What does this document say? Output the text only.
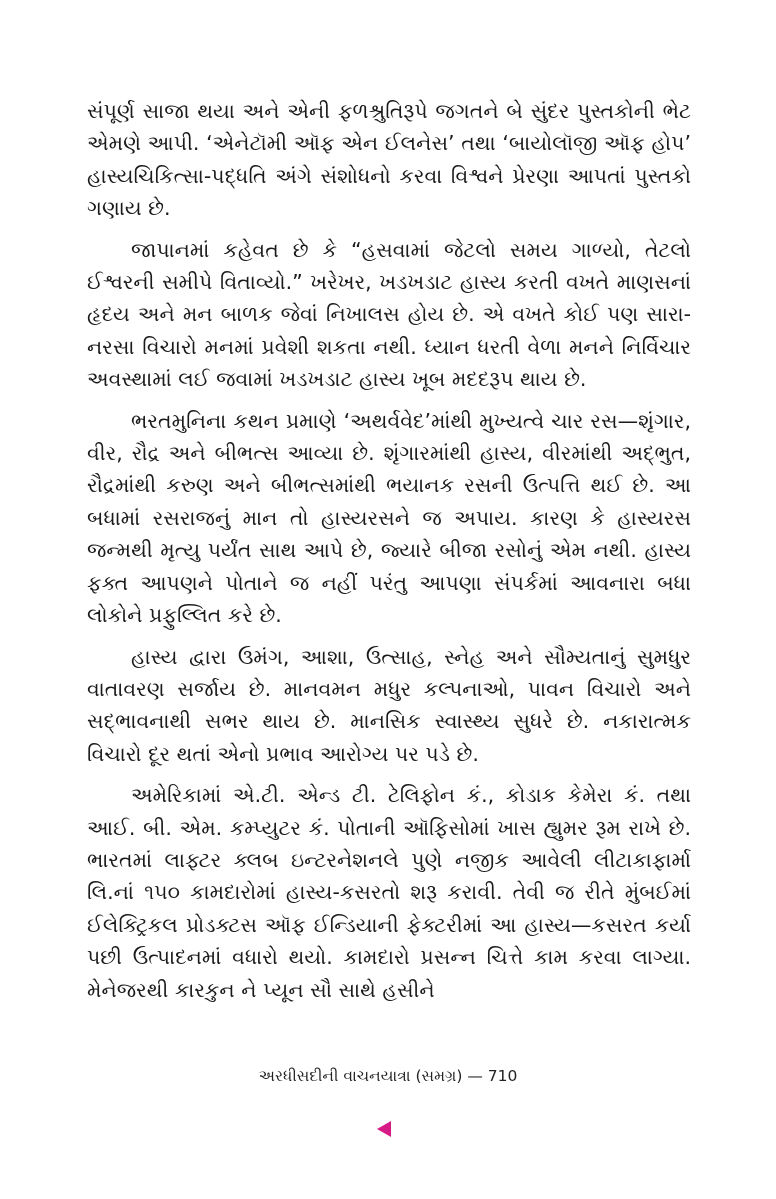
સંપૂર્ણ સાજા થયા અને એની ફળશ્રુતિરૂપે જગતને બે સુંદર પુસ્તકોની ભેટ એમણે આપી. ‘એનેટૉમી ઑફ એન ઈલનેસ’ તથા ‘બાયોલૉજી ઑફ હોપ’ હાસ્યચિકિત્સા-પદ્ધતિ અંગે સંશોધનો કરવા વિશ્વને પ્રેરણા આપતાં પુસ્તકો ગણાય છે.

જાપાનમાં કહેવત છે કે “હસવામાં જેટલો સમય ગાળ્યો, તેટલો ઈશ્વરની સમીપે વિતાવ્યો.” ખરેખર, ખડખડાટ હાસ્ય કરતી વખતે માણસનાં હૃદય અને મન બાળક જેવાં નિખાલસ હોય છે. એ વખતે કોઈ પણ સારા-નરસા વિચારો મનમાં પ્રવેશી શકતા નથી. ધ્યાન ધરતી વેળા મનને નિર્વિચાર અવસ્થામાં લઈ જવામાં ખડખડાટ હાસ્ય ખૂબ મદદરૂપ થાય છે.

ભરતમુનિના કથન પ્રમાણે ‘અથર્વવેદ’માંથી મુખ્યત્વે ચાર રસ—શૃંગાર, વીર, રૌદ્ર અને બીભત્સ આવ્યા છે. શૃંગારમાંથી હાસ્ય, વીરમાંથી અદ્‌ભુત, રૌદ્રમાંથી કરુણ અને બીભત્સમાંથી ભયાનક રસની ઉત્પત્તિ થઈ છે. આ બધામાં રસરાજનું માન તો હાસ્યરસને જ અપાય. કારણ કે હાસ્યરસ જન્મથી મૃત્યુ પર્યંત સાથ આપે છે, જ્યારે બીજા રસોનું એમ નથી. હાસ્ય ફક્ત આપણને પોતાને જ નહીં પરંતુ આપણા સંપર્કમાં આવનારા બધા લોકોને પ્રફુલ્લિત કરે છે.

હાસ્ય દ્વારા ઉમંગ, આશા, ઉત્સાહ, સ્નેહ અને સૌમ્યતાનું સુમધુર વાતાવરણ સર્જાય છે. માનવમન મધુર કલ્પનાઓ, પાવન વિચારો અને સદ્‌ભાવનાથી સભર થાય છે. માનસિક સ્વાસ્થ્ય સુધરે છે. નકારાત્મક વિચારો દૂર થતાં એનો પ્રભાવ આરોગ્ય પર પડે છે.

અમેરિકામાં એ.ટી. એન્ડ ટી. ટેલિફોન કં., કોડાક કેમેરા કં. તથા આઈ. બી. એમ. કમ્પ્યુટર કં. પોતાની ઑફિસોમાં ખાસ હ્યુમર રૂમ રાખે છે. ભારતમાં લાફ્ટર ક્લબ ઇન્ટરનેશનલે પુણે નજીક આવેલી લીટાકાફાર્મા લિ.નાં ૧૫૦ કામદારોમાં હાસ્ય-કસરતો શરૂ કરાવી. તેવી જ રીતે મુંબઈમાં ઈલેક્ટ્રિકલ પ્રોડક્ટસ ઑફ ઈન્ડિયાની ફેક્ટરીમાં આ હાસ્ય—કસરત કર્યા પછી ઉત્પાદનમાં વધારો થયો. કામદારો પ્રસન્ન ચિત્તે કામ કરવા લાગ્યા. મેનેજરથી કારકુન ને પ્યૂન સૌ સાથે હસીને

અરધીસદીની વાચનયાત્રા (સમગ્ર) — 710
